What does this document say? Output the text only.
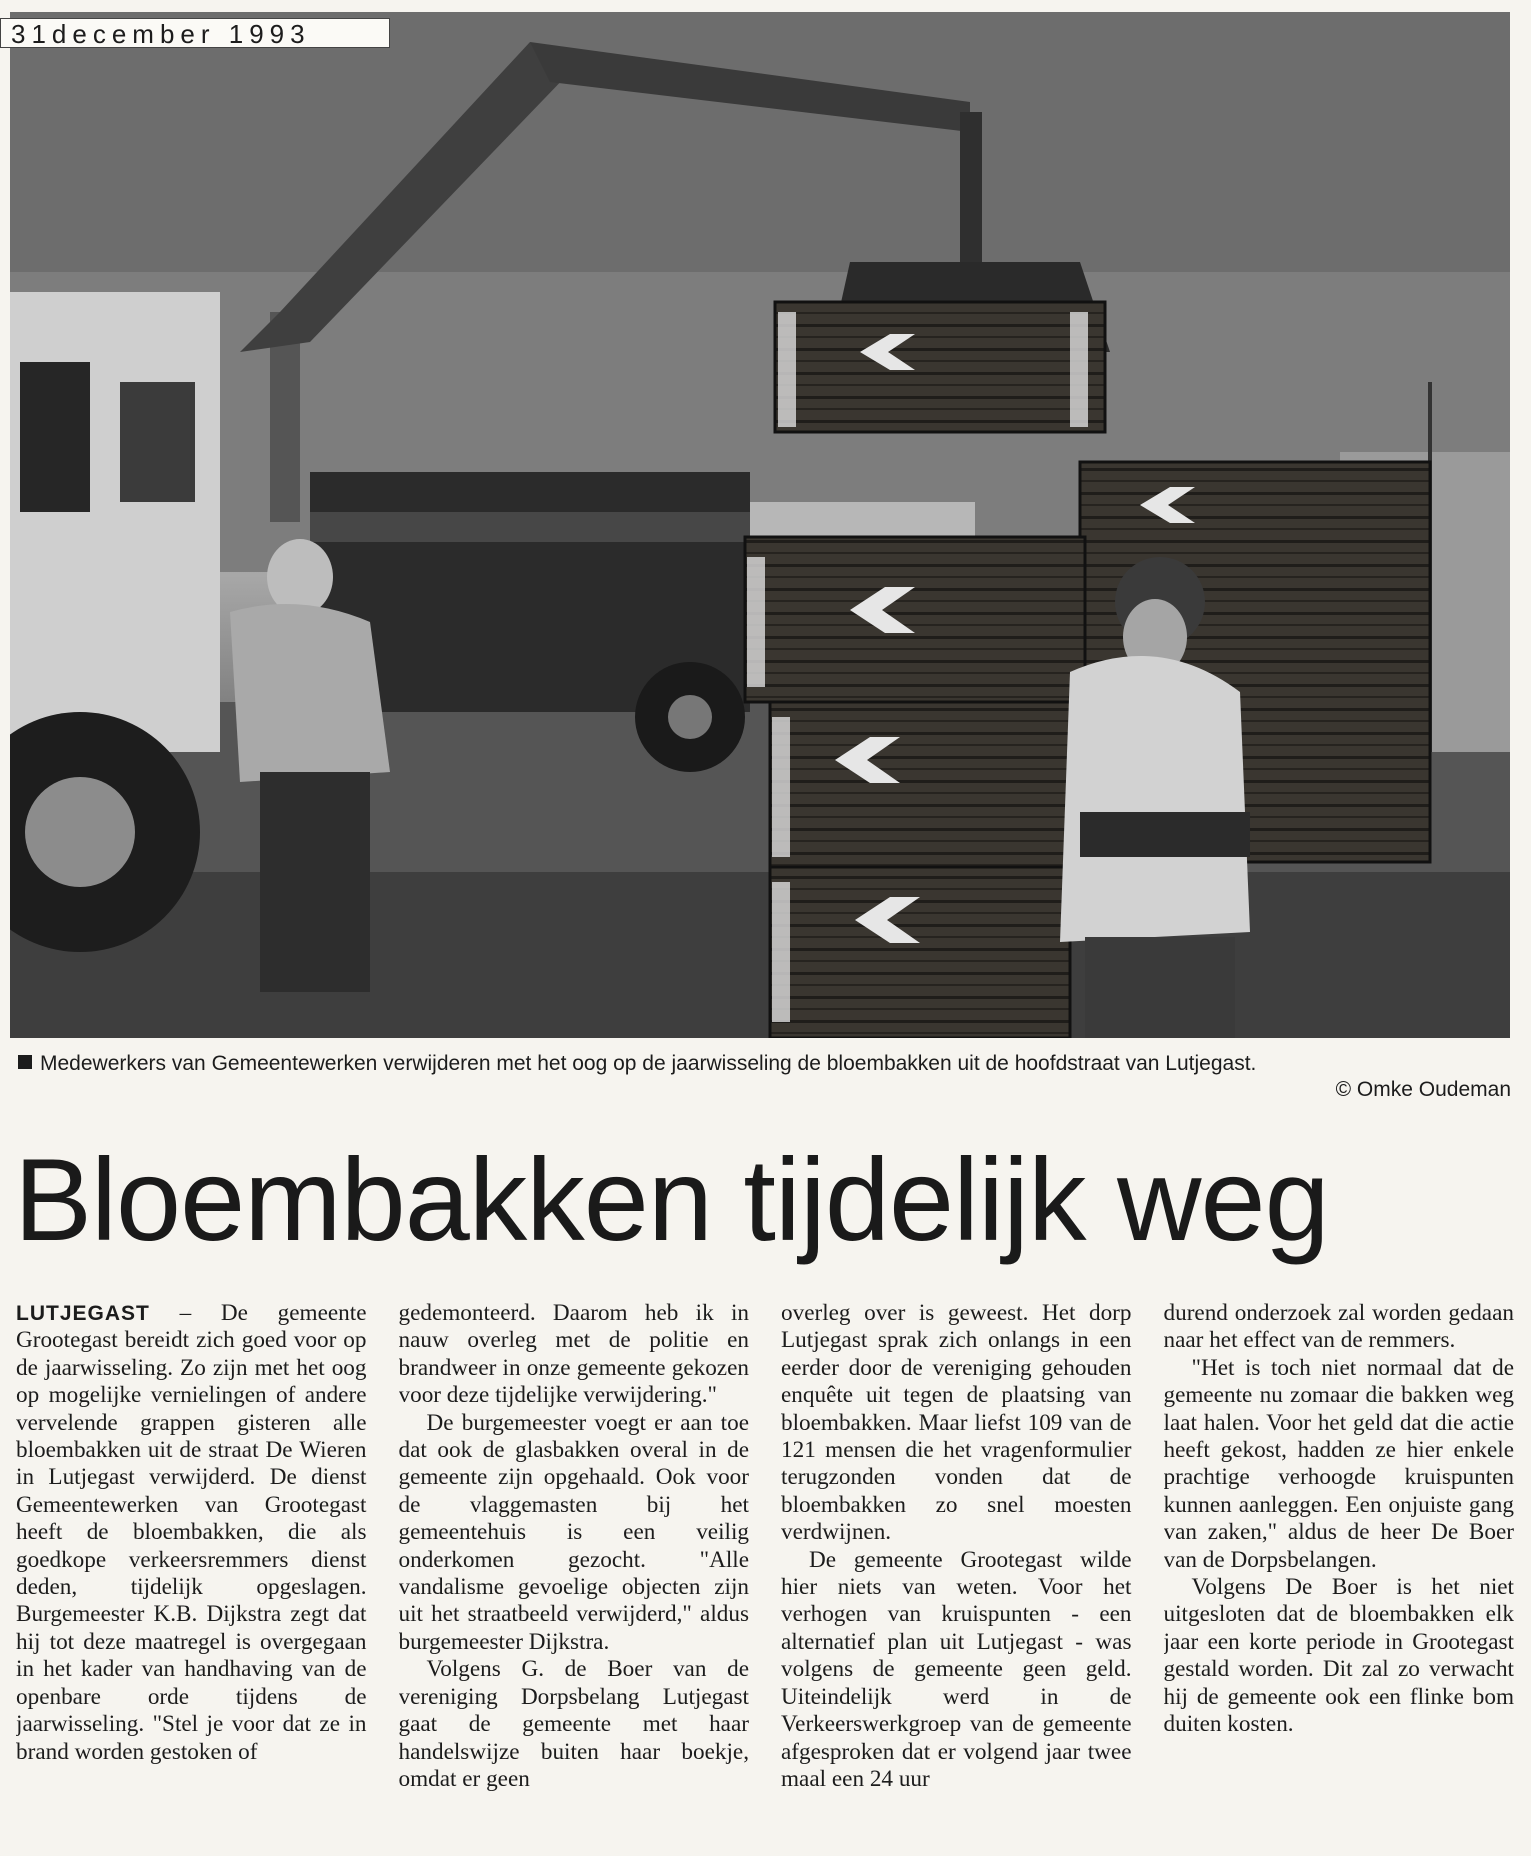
31december 1993
Medewerkers van Gemeentewerken verwijderen met het oog op de jaarwisseling de bloembakken uit de hoofdstraat van Lutjegast.
© Omke Oudeman
Bloembakken tijdelijk weg

LUTJEGAST – De gemeente Grootegast bereidt zich goed voor op de jaarwisseling. Zo zijn met het oog op mogelijke vernielingen of andere vervelende grappen gisteren alle bloembakken uit de straat De Wieren in Lutjegast verwijderd. De dienst Gemeentewerken van Grootegast heeft de bloembakken, die als goedkope verkeersremmers dienst deden, tijdelijk opgeslagen. Burgemeester K.B. Dijkstra zegt dat hij tot deze maatregel is overgegaan in het kader van handhaving van de openbare orde tijdens de jaarwisseling. "Stel je voor dat ze in brand worden gestoken of

gedemonteerd. Daarom heb ik in nauw overleg met de politie en brandweer in onze gemeente gekozen voor deze tijdelijke verwijdering."

De burgemeester voegt er aan toe dat ook de glasbakken overal in de gemeente zijn opgehaald. Ook voor de vlaggemasten bij het gemeentehuis is een veilig onderkomen gezocht. "Alle vandalisme gevoelige objecten zijn uit het straatbeeld verwijderd," aldus burgemeester Dijkstra.

Volgens G. de Boer van de vereniging Dorpsbelang Lutjegast gaat de gemeente met haar handelswijze buiten haar boekje, omdat er geen

overleg over is geweest. Het dorp Lutjegast sprak zich onlangs in een eerder door de vereniging gehouden enquête uit tegen de plaatsing van bloembakken. Maar liefst 109 van de 121 mensen die het vragenformulier terugzonden vonden dat de bloembakken zo snel moesten verdwijnen.

De gemeente Grootegast wilde hier niets van weten. Voor het verhogen van kruispunten - een alternatief plan uit Lutjegast - was volgens de gemeente geen geld. Uiteindelijk werd in de Verkeerswerkgroep van de gemeente afgesproken dat er volgend jaar twee maal een 24 uur

durend onderzoek zal worden gedaan naar het effect van de remmers.

"Het is toch niet normaal dat de gemeente nu zomaar die bakken weg laat halen. Voor het geld dat die actie heeft gekost, hadden ze hier enkele prachtige verhoogde kruispunten kunnen aanleggen. Een onjuiste gang van zaken," aldus de heer De Boer van de Dorpsbelangen.

Volgens De Boer is het niet uitgesloten dat de bloembakken elk jaar een korte periode in Grootegast gestald worden. Dit zal zo verwacht hij de gemeente ook een flinke bom duiten kosten.
